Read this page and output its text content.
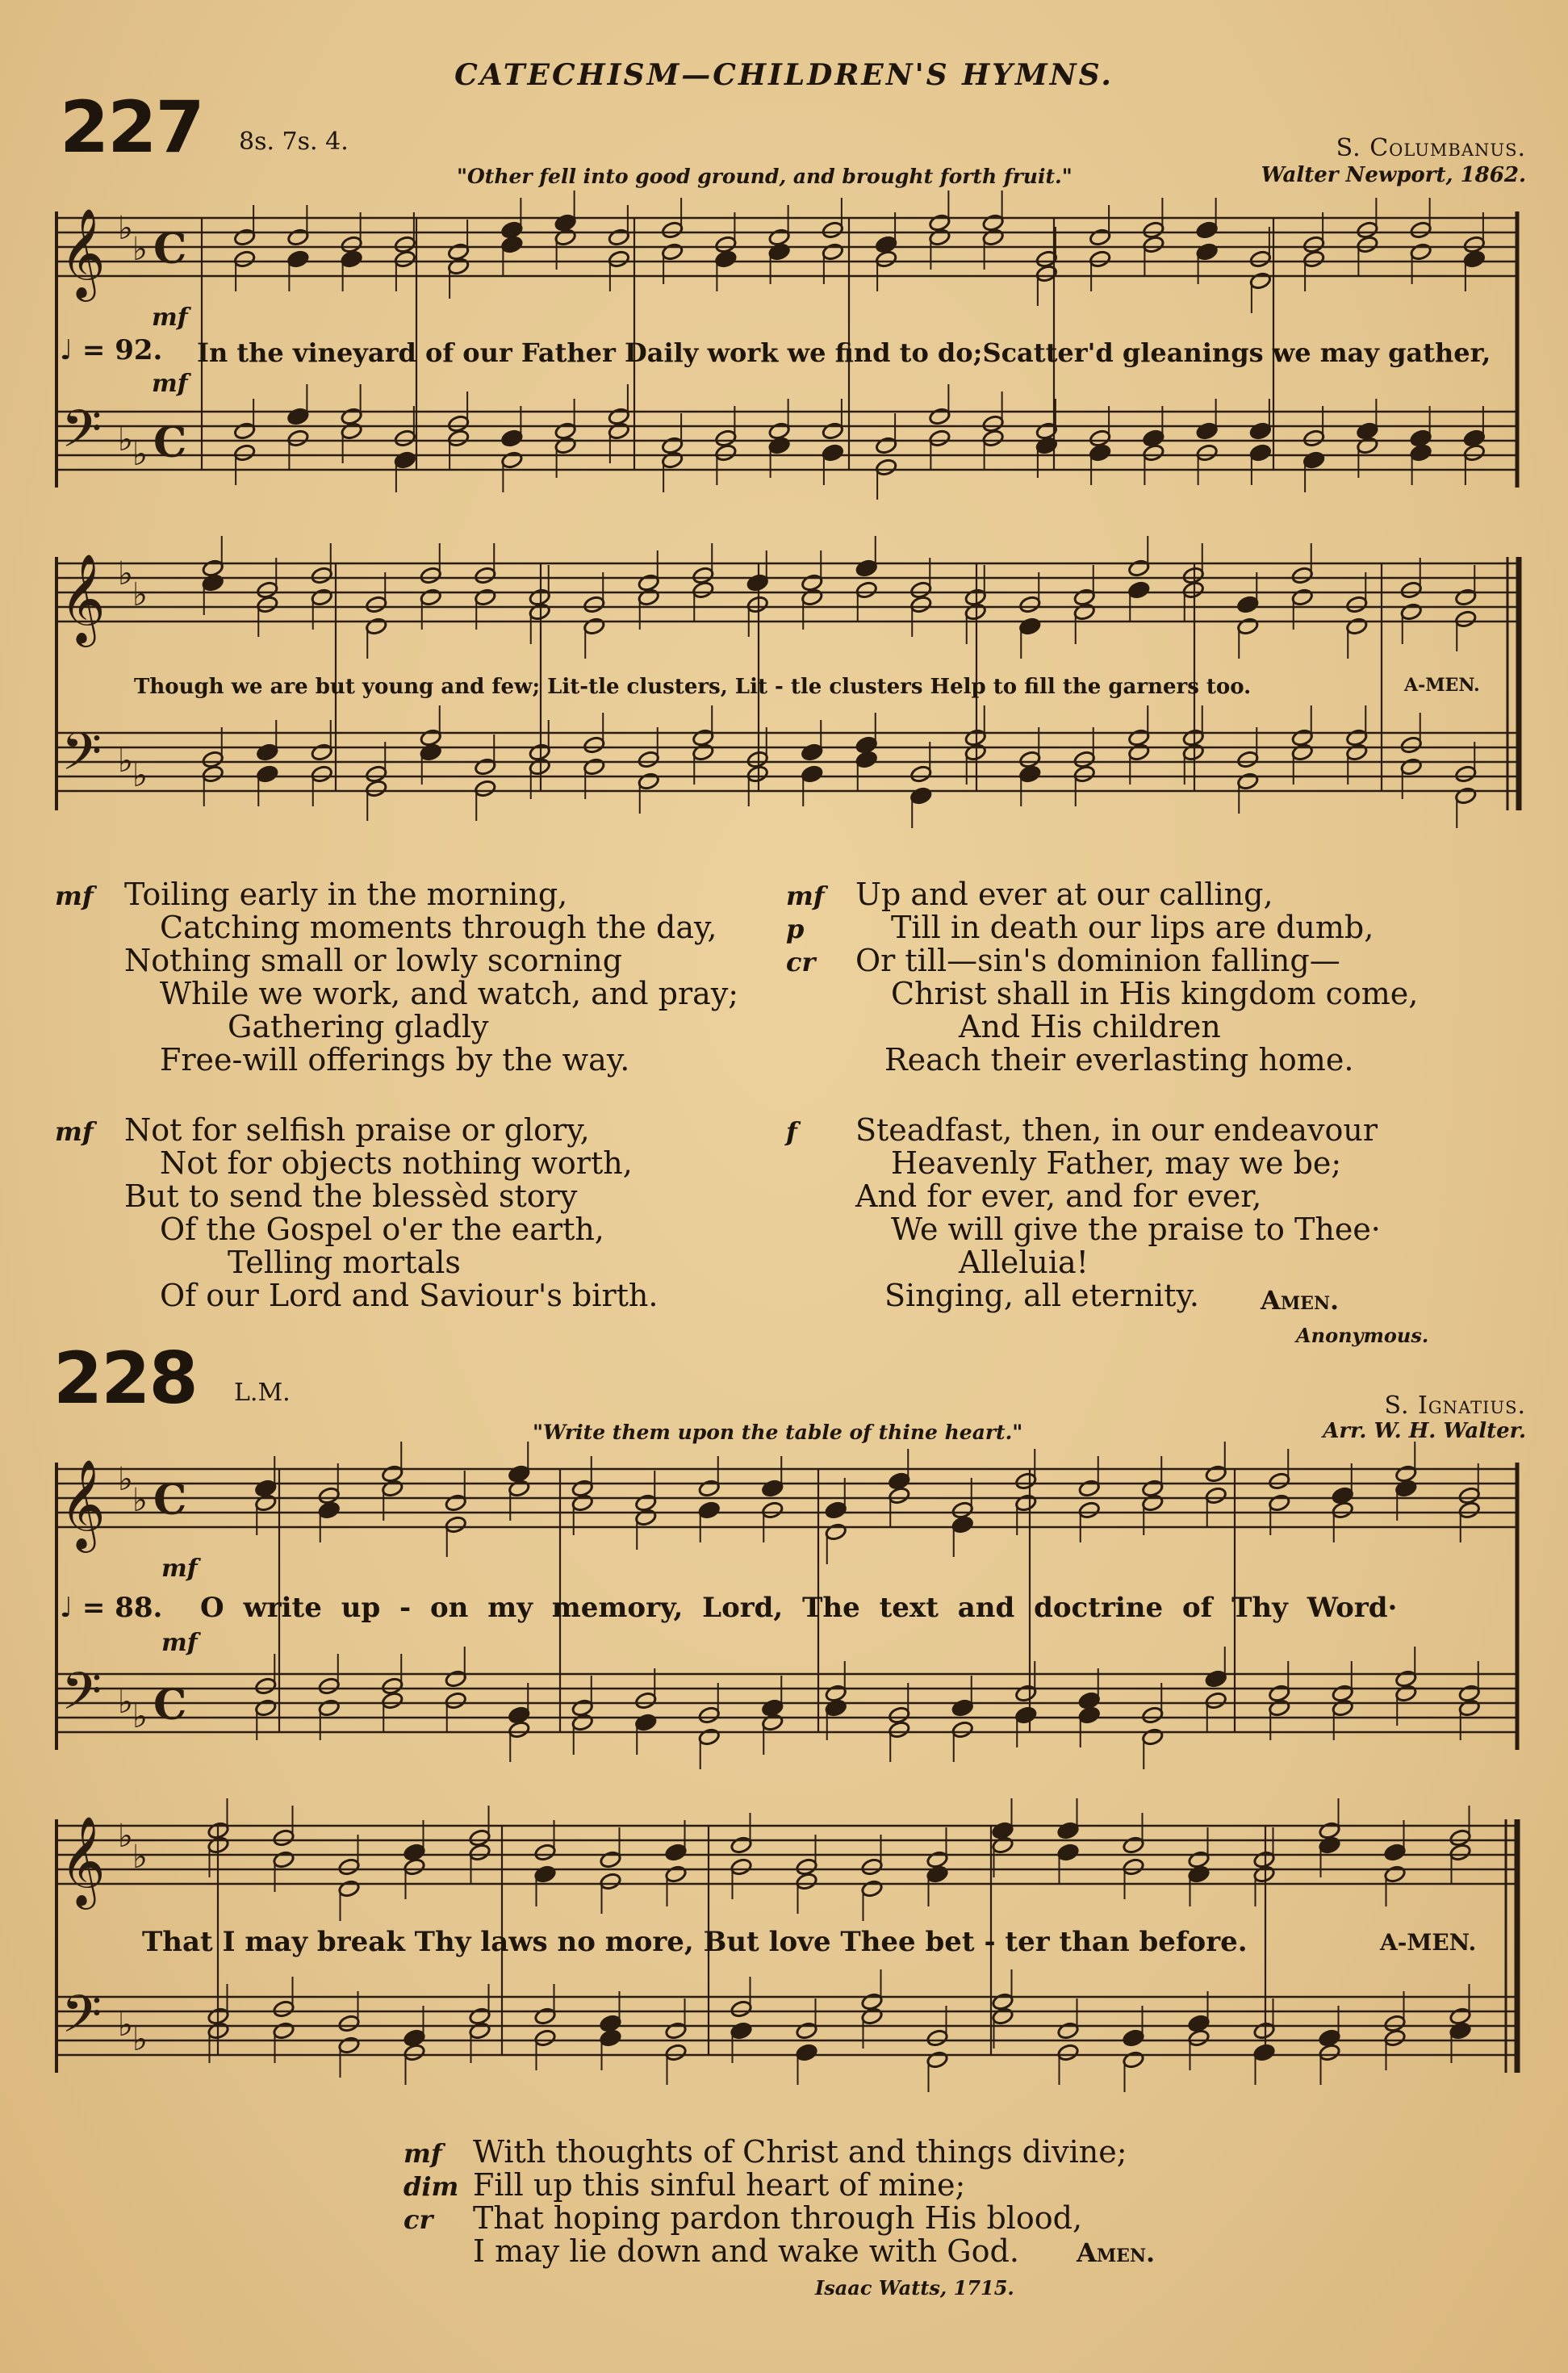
CATECHISM—CHILDREN'S HYMNS.
227 8s. 7s. 4.	S. Columbanus.
Walter Newport, 1862.
"Other fell into good ground, and brought forth fruit."
𝄞
𝄢
𝄞
𝄢
𝄞
𝄢
𝄞
𝄢
♭
♭
♭ ♭
♭
♭
♭ ♭
♭
♭
♭ ♭
♭
♭
♭ ♭
C
C
C
C
mf
♩ = 92. In the vineyard of our Father Daily work we find to do;Scatter'd gleanings we may gather,
mf
Though we are but young and few; Lit-tle clusters, Lit - tle clusters Help to fill the garners too.	A-MEN.
mf Toiling early in the morning,
Catching moments through the day,
Nothing small or lowly scorning
While we work, and watch, and pray;
Gathering gladly
Free-will offerings by the way.
mf Not for selfish praise or glory,
Not for objects nothing worth,
But to send the blessèd story
Of the Gospel o'er the earth,
Telling mortals
Of our Lord and Saviour's birth.
mf Up and ever at our calling,
p	Till in death our lips are dumb,
cr Or till—sin's dominion falling—
Christ shall in His kingdom come,
And His children
Reach their everlasting home.
f Steadfast, then, in our endeavour
Heavenly Father, may we be;
And for ever, and for ever,
We will give the praise to Thee·
Alleluia!
Singing, all eternity.	Amen.
Anonymous.
228 L.M.	S. Ignatius.
Arr. W. H. Walter.
"Write them upon the table of thine heart."
mf
♩ = 88. O write up - on my memory, Lord, The text and doctrine of Thy Word·
mf
That I may break Thy laws no more, But love Thee bet - ter than before.	A-MEN.
mf With thoughts of Christ and things divine;
dim Fill up this sinful heart of mine;
cr That hoping pardon through His blood,
I may lie down and wake with God.	Amen.
Isaac Watts, 1715.
